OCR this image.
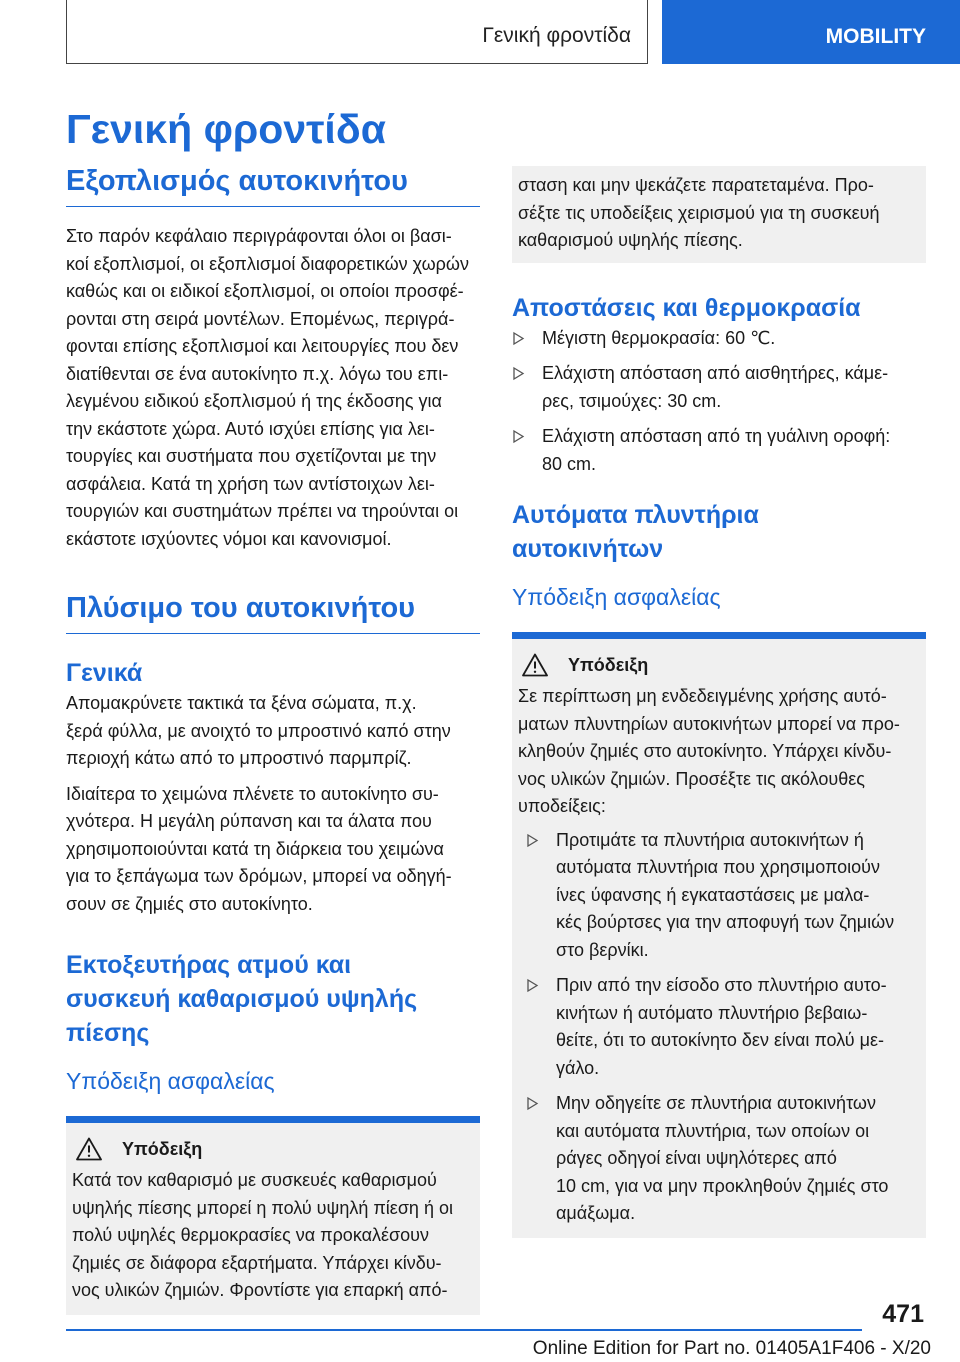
Γενική φροντίδα	MOBILITY
Γενική φροντίδα
Εξοπλισμός αυτοκινήτου

Στο παρόν κεφάλαιο περιγράφονται όλοι οι βασι‐
κοί εξοπλισμοί, οι εξοπλισμοί διαφορετικών χωρών
καθώς και οι ειδικοί εξοπλισμοί, οι οποίοι προσφέ‐
ρονται στη σειρά μοντέλων. Επομένως, περιγρά‐
φονται επίσης εξοπλισμοί και λειτουργίες που δεν
διατίθενται σε ένα αυτοκίνητο π.χ. λόγω του επι‐
λεγμένου ειδικού εξοπλισμού ή της έκδοσης για
την εκάστοτε χώρα. Αυτό ισχύει επίσης για λει‐
τουργίες και συστήματα που σχετίζονται με την
ασφάλεια. Κατά τη χρήση των αντίστοιχων λει‐
τουργιών και συστημάτων πρέπει να τηρούνται οι
εκάστοτε ισχύοντες νόμοι και κανονισμοί.

Πλύσιμο του αυτοκινήτου
Γενικά

Απομακρύνετε τακτικά τα ξένα σώματα, π.χ.
ξερά φύλλα, με ανοιχτό το μπροστινό καπό στην
περιοχή κάτω από το μπροστινό παρμπρίζ.

Ιδιαίτερα το χειμώνα πλένετε το αυτοκίνητο συ‐
χνότερα. Η μεγάλη ρύπανση και τα άλατα που
χρησιμοποιούνται κατά τη διάρκεια του χειμώνα
για το ξεπάγωμα των δρόμων, μπορεί να οδηγή‐
σουν σε ζημιές στο αυτοκίνητο.

Εκτοξευτήρας ατμού και
συσκευή καθαρισμού υψηλής
πίεσης
Υπόδειξη ασφαλείας
Υπόδειξη

Κατά τον καθαρισμό με συσκευές καθαρισμού
υψηλής πίεσης μπορεί η πολύ υψηλή πίεση ή οι
πολύ υψηλές θερμοκρασίες να προκαλέσουν
ζημιές σε διάφορα εξαρτήματα. Υπάρχει κίνδυ‐
νος υλικών ζημιών. Φροντίστε για επαρκή από‐

σταση και μην ψεκάζετε παρατεταμένα. Προ‐
σέξτε τις υποδείξεις χειρισμού για τη συσκευή
καθαρισμού υψηλής πίεσης.

Αποστάσεις και θερμοκρασία
Μέγιστη θερμοκρασία: 60 ℃.
Ελάχιστη απόσταση από αισθητήρες, κάμε‐
ρες, τσιμούχες: 30 cm.
Ελάχιστη απόσταση από τη γυάλινη οροφή:
80 cm.
Αυτόματα πλυντήρια
αυτοκινήτων
Υπόδειξη ασφαλείας
Υπόδειξη

Σε περίπτωση μη ενδεδειγμένης χρήσης αυτό‐
ματων πλυντηρίων αυτοκινήτων μπορεί να προ‐
κληθούν ζημιές στο αυτοκίνητο. Υπάρχει κίνδυ‐
νος υλικών ζημιών. Προσέξτε τις ακόλουθες
υποδείξεις:

Προτιμάτε τα πλυντήρια αυτοκινήτων ή
αυτόματα πλυντήρια που χρησιμοποιούν
ίνες ύφανσης ή εγκαταστάσεις με μαλα‐
κές βούρτσες για την αποφυγή των ζημιών
στο βερνίκι.
Πριν από την είσοδο στο πλυντήριο αυτο‐
κινήτων ή αυτόματο πλυντήριο βεβαιω‐
θείτε, ότι το αυτοκίνητο δεν είναι πολύ με‐
γάλο.
Μην οδηγείτε σε πλυντήρια αυτοκινήτων
και αυτόματα πλυντήρια, των οποίων οι
ράγες οδηγοί είναι υψηλότερες από
10 cm, για να μην προκληθούν ζημιές στο
αμάξωμα.
471
Online Edition for Part no. 01405A1F406 - X/20
